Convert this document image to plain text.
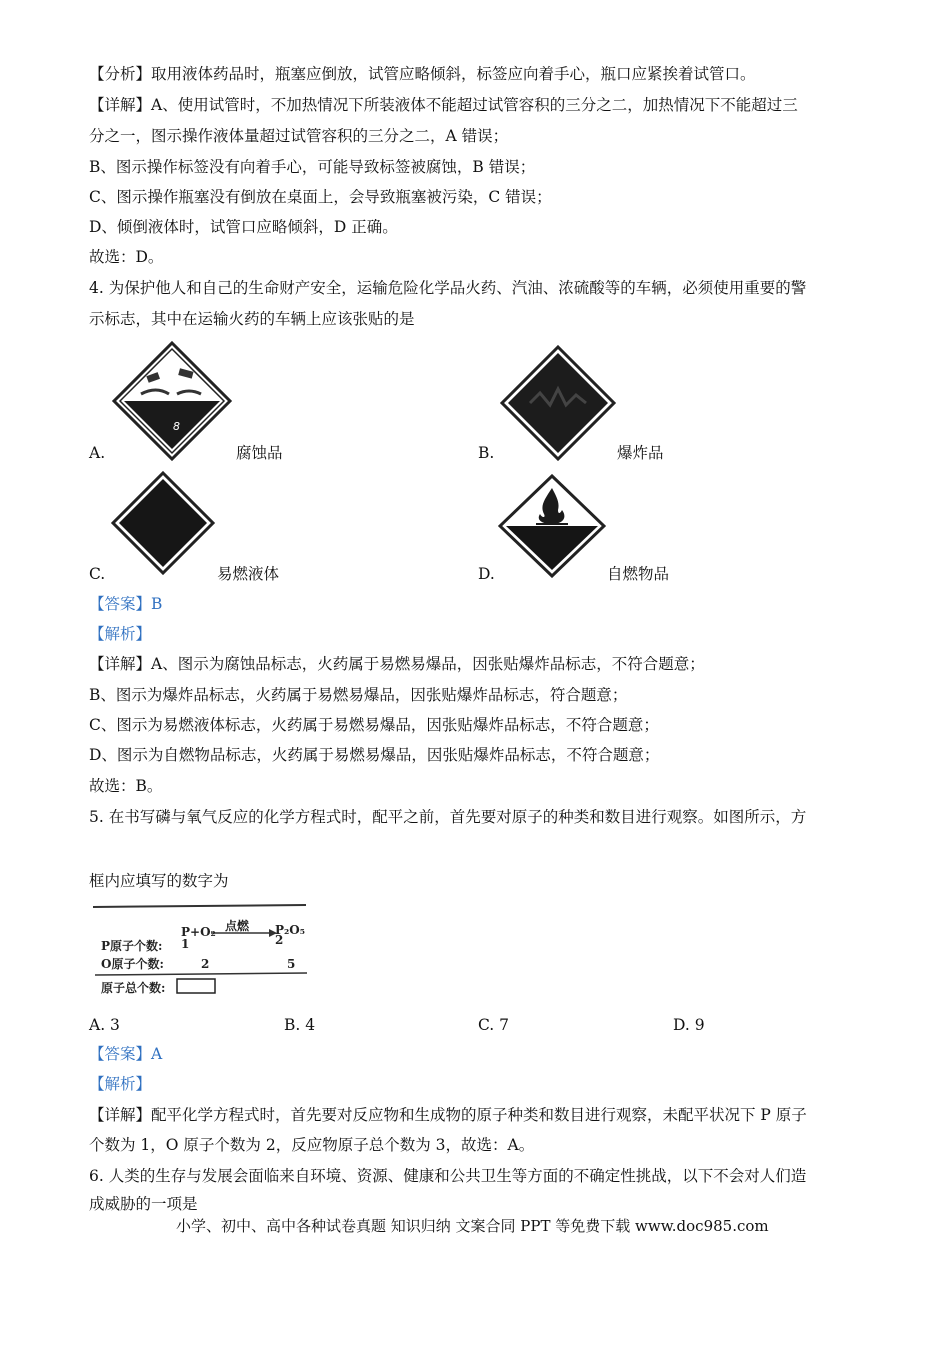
【分析】取用液体药品时，瓶塞应倒放，试管应略倾斜，标签应向着手心，瓶口应紧挨着试管口。
【详解】A、使用试管时，不加热情况下所装液体不能超过试管容积的三分之二，加热情况下不能超过三
分之一，图示操作液体量超过试管容积的三分之二，A 错误；
B、图示操作标签没有向着手心，可能导致标签被腐蚀，B 错误；
C、图示操作瓶塞没有倒放在桌面上，会导致瓶塞被污染，C 错误；
D、倾倒液体时，试管口应略倾斜，D 正确。
故选：D。
4. 为保护他人和自己的生命财产安全，运输危险化学品火药、汽油、浓硫酸等的车辆，必须使用重要的警
示标志，其中在运输火药的车辆上应该张贴的是
8
A.	腐蚀品	B.	爆炸品
C.	易燃液体	D.	自燃物品
【答案】B
【解析】
【详解】A、图示为腐蚀品标志，火药属于易燃易爆品，因张贴爆炸品标志，不符合题意；
B、图示为爆炸品标志，火药属于易燃易爆品，因张贴爆炸品标志，符合题意；
C、图示为易燃液体标志，火药属于易燃易爆品，因张贴爆炸品标志，不符合题意；
D、图示为自燃物品标志，火药属于易燃易爆品，因张贴爆炸品标志，不符合题意；
故选：B。
5. 在书写磷与氧气反应的化学方程式时，配平之前，首先要对原子的种类和数目进行观察。如图所示，方
框内应填写的数字为
P+O₂ 点燃 P₂O₅
P原子个数: 1	2
O原子个数:	2	5
原子总个数:
A. 3	B. 4	C. 7	D. 9
【答案】A
【解析】
【详解】配平化学方程式时，首先要对反应物和生成物的原子种类和数目进行观察，未配平状况下 P 原子
个数为 1，O 原子个数为 2，反应物原子总个数为 3，故选：A。
6. 人类的生存与发展会面临来自环境、资源、健康和公共卫生等方面的不确定性挑战，以下不会对人们造
成威胁的一项是
小学、初中、高中各种试卷真题 知识归纳 文案合同 PPT 等免费下载 www.doc985.com
